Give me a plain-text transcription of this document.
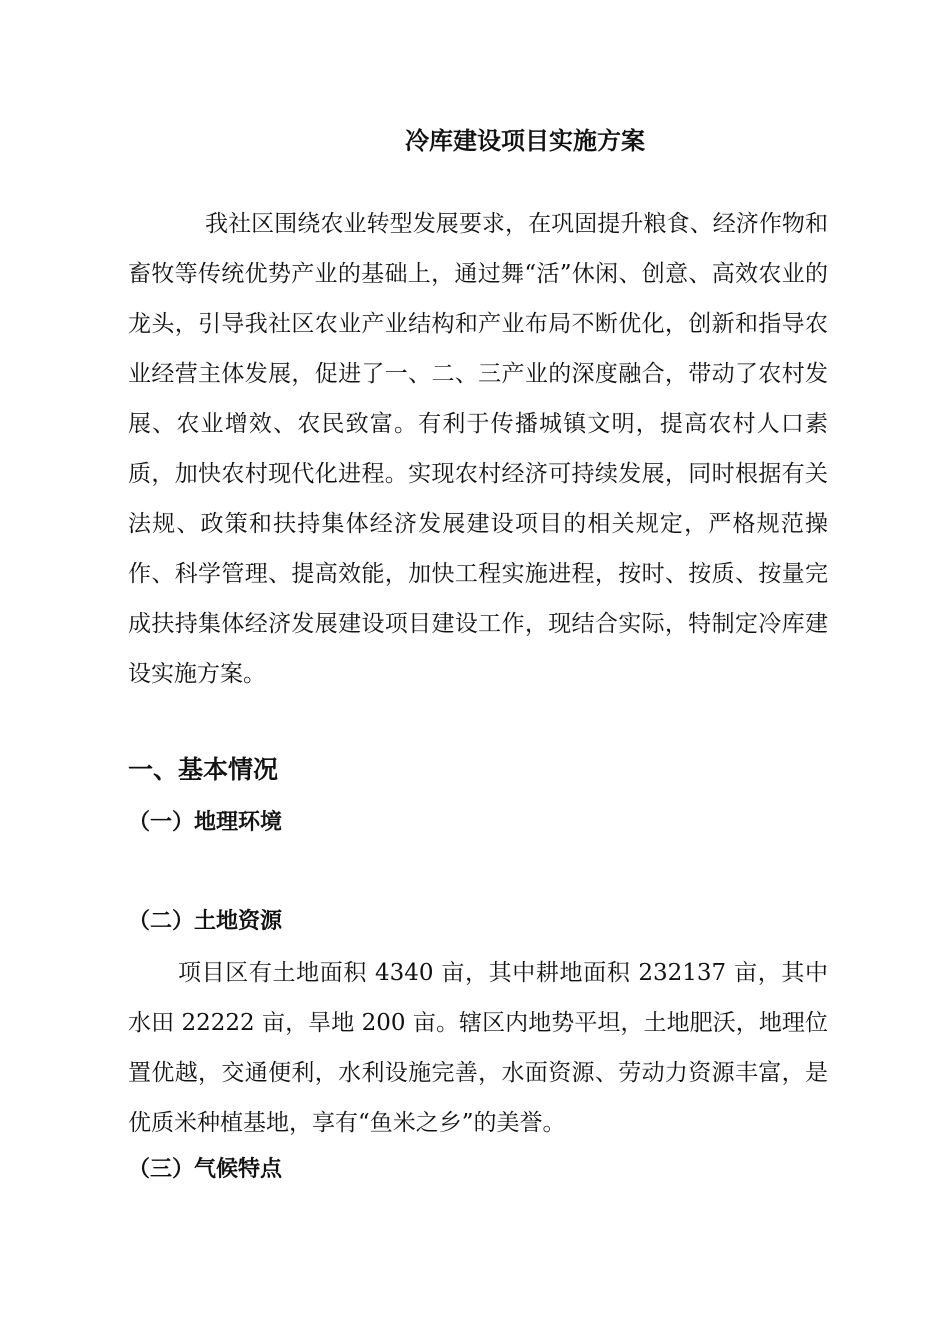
冷库建设项目实施方案

我社区围绕农业转型发展要求，在巩固提升粮食、经济作物和畜牧等传统优势产业的基础上，通过舞“活”休闲、创意、高效农业的龙头，引导我社区农业产业结构和产业布局不断优化，创新和指导农业经营主体发展，促进了一、二、三产业的深度融合，带动了农村发展、农业增效、农民致富。有利于传播城镇文明，提高农村人口素质，加快农村现代化进程。实现农村经济可持续发展，同时根据有关法规、政策和扶持集体经济发展建设项目的相关规定，严格规范操作、科学管理、提高效能，加快工程实施进程，按时、按质、按量完成扶持集体经济发展建设项目建设工作，现结合实际，特制定冷库建设实施方案。

一、基本情况
（一）地理环境
（二）土地资源

项目区有土地面积 4340 亩，其中耕地面积 232137 亩，其中水田 22222 亩，旱地 200 亩。辖区内地势平坦，土地肥沃，地理位置优越，交通便利，水利设施完善，水面资源、劳动力资源丰富，是 优质米种植基地，享有“鱼米之乡”的美誉。

（三）气候特点
